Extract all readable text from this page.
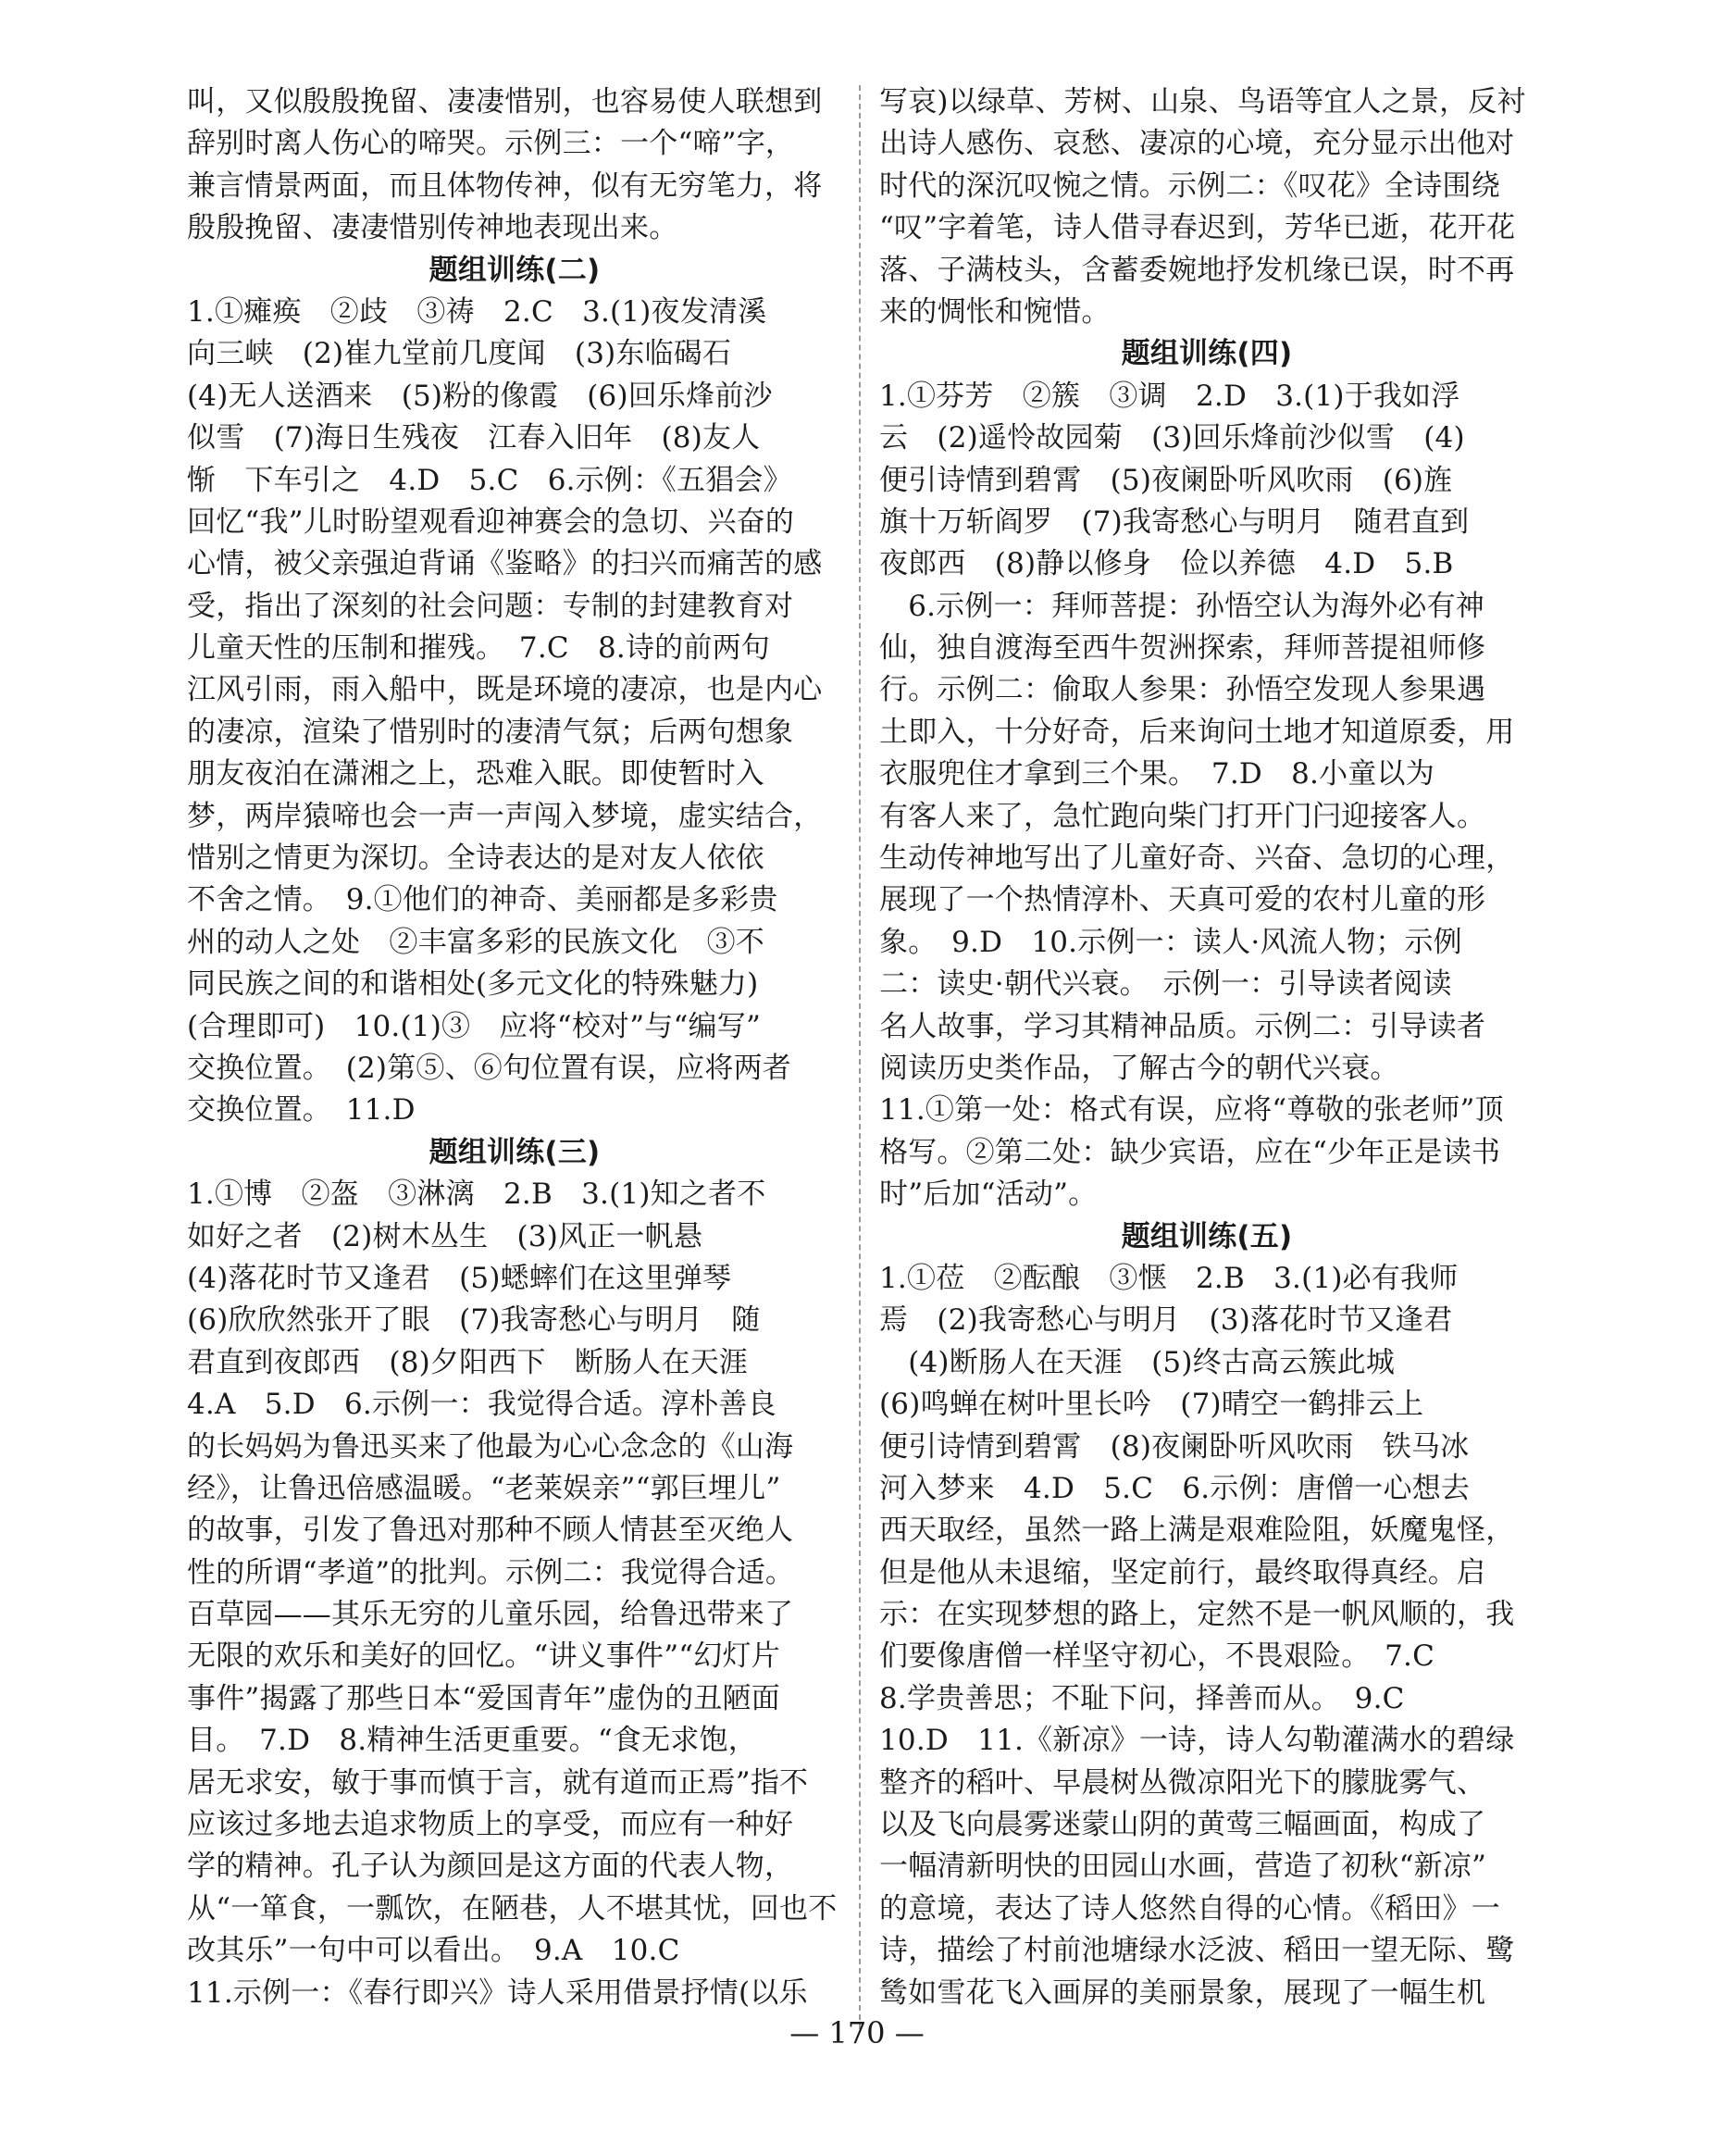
叫，又似殷殷挽留、凄凄惜别，也容易使人联想到
辞别时离人伤心的啼哭。示例三：一个“啼”字，
兼言情景两面，而且体物传神，似有无穷笔力，将
殷殷挽留、凄凄惜别传神地表现出来。
题组训练(二)
1.①瘫痪　②歧　③祷　2.C　3.(1)夜发清溪
向三峡　(2)崔九堂前几度闻　(3)东临碣石
(4)无人送酒来　(5)粉的像霞　(6)回乐烽前沙
似雪　(7)海日生残夜　江春入旧年　(8)友人
惭　下车引之　4.D　5.C　6.示例：《五猖会》
回忆“我”儿时盼望观看迎神赛会的急切、兴奋的
心情，被父亲强迫背诵《鉴略》的扫兴而痛苦的感
受，指出了深刻的社会问题：专制的封建教育对
儿童天性的压制和摧残。　7.C　8.诗的前两句
江风引雨，雨入船中，既是环境的凄凉，也是内心
的凄凉，渲染了惜别时的凄清气氛；后两句想象
朋友夜泊在潇湘之上，恐难入眠。即使暂时入
梦，两岸猿啼也会一声一声闯入梦境，虚实结合，
惜别之情更为深切。全诗表达的是对友人依依
不舍之情。　9.①他们的神奇、美丽都是多彩贵
州的动人之处　②丰富多彩的民族文化　③不
同民族之间的和谐相处(多元文化的特殊魅力)
(合理即可)　10.(1)③　应将“校对”与“编写”
交换位置。　(2)第⑤、⑥句位置有误，应将两者
交换位置。　11.D
题组训练(三)
1.①博　②盔　③淋漓　2.B　3.(1)知之者不
如好之者　(2)树木丛生　(3)风正一帆悬
(4)落花时节又逢君　(5)蟋蟀们在这里弹琴
(6)欣欣然张开了眼　(7)我寄愁心与明月　随
君直到夜郎西　(8)夕阳西下　断肠人在天涯
4.A　5.D　6.示例一：我觉得合适。淳朴善良
的长妈妈为鲁迅买来了他最为心心念念的《山海
经》，让鲁迅倍感温暖。“老莱娱亲”“郭巨埋儿”
的故事，引发了鲁迅对那种不顾人情甚至灭绝人
性的所谓“孝道”的批判。示例二：我觉得合适。
百草园——其乐无穷的儿童乐园，给鲁迅带来了
无限的欢乐和美好的回忆。“讲义事件”“幻灯片
事件”揭露了那些日本“爱国青年”虚伪的丑陋面
目。　7.D　8.精神生活更重要。“食无求饱，
居无求安，敏于事而慎于言，就有道而正焉”指不
应该过多地去追求物质上的享受，而应有一种好
学的精神。孔子认为颜回是这方面的代表人物，
从“一箪食，一瓢饮，在陋巷，人不堪其忧，回也不
改其乐”一句中可以看出。　9.A　10.C
11.示例一：《春行即兴》诗人采用借景抒情(以乐
写哀)以绿草、芳树、山泉、鸟语等宜人之景，反衬
出诗人感伤、哀愁、凄凉的心境，充分显示出他对
时代的深沉叹惋之情。示例二：《叹花》全诗围绕
“叹”字着笔，诗人借寻春迟到，芳华已逝，花开花
落、子满枝头，含蓄委婉地抒发机缘已误，时不再
来的惆怅和惋惜。
题组训练(四)
1.①芬芳　②簇　③调　2.D　3.(1)于我如浮
云　(2)遥怜故园菊　(3)回乐烽前沙似雪　(4)
便引诗情到碧霄　(5)夜阑卧听风吹雨　(6)旌
旗十万斩阎罗　(7)我寄愁心与明月　随君直到
夜郎西　(8)静以修身　俭以养德　4.D　5.B
　6.示例一：拜师菩提：孙悟空认为海外必有神
仙，独自渡海至西牛贺洲探索，拜师菩提祖师修
行。示例二：偷取人参果：孙悟空发现人参果遇
土即入，十分好奇，后来询问土地才知道原委，用
衣服兜住才拿到三个果。　7.D　8.小童以为
有客人来了，急忙跑向柴门打开门闩迎接客人。
生动传神地写出了儿童好奇、兴奋、急切的心理，
展现了一个热情淳朴、天真可爱的农村儿童的形
象。　9.D　10.示例一：读人·风流人物；示例
二：读史·朝代兴衰。　示例一：引导读者阅读
名人故事，学习其精神品质。示例二：引导读者
阅读历史类作品，了解古今的朝代兴衰。
11.①第一处：格式有误，应将“尊敬的张老师”顶
格写。②第二处：缺少宾语，应在“少年正是读书
时”后加“活动”。
题组训练(五)
1.①莅　②酝酿　③惬　2.B　3.(1)必有我师
焉　(2)我寄愁心与明月　(3)落花时节又逢君
　(4)断肠人在天涯　(5)终古高云簇此城
(6)鸣蝉在树叶里长吟　(7)晴空一鹤排云上
便引诗情到碧霄　(8)夜阑卧听风吹雨　铁马冰
河入梦来　4.D　5.C　6.示例：唐僧一心想去
西天取经，虽然一路上满是艰难险阻，妖魔鬼怪，
但是他从未退缩，坚定前行，最终取得真经。启
示：在实现梦想的路上，定然不是一帆风顺的，我
们要像唐僧一样坚守初心，不畏艰险。　7.C
8.学贵善思；不耻下问，择善而从。　9.C
10.D　11.《新凉》一诗，诗人勾勒灌满水的碧绿
整齐的稻叶、早晨树丛微凉阳光下的朦胧雾气、
以及飞向晨雾迷蒙山阴的黄莺三幅画面，构成了
一幅清新明快的田园山水画，营造了初秋“新凉”
的意境，表达了诗人悠然自得的心情。《稻田》一
诗，描绘了村前池塘绿水泛波、稻田一望无际、鹭
鸶如雪花飞入画屏的美丽景象，展现了一幅生机
— 170 —
